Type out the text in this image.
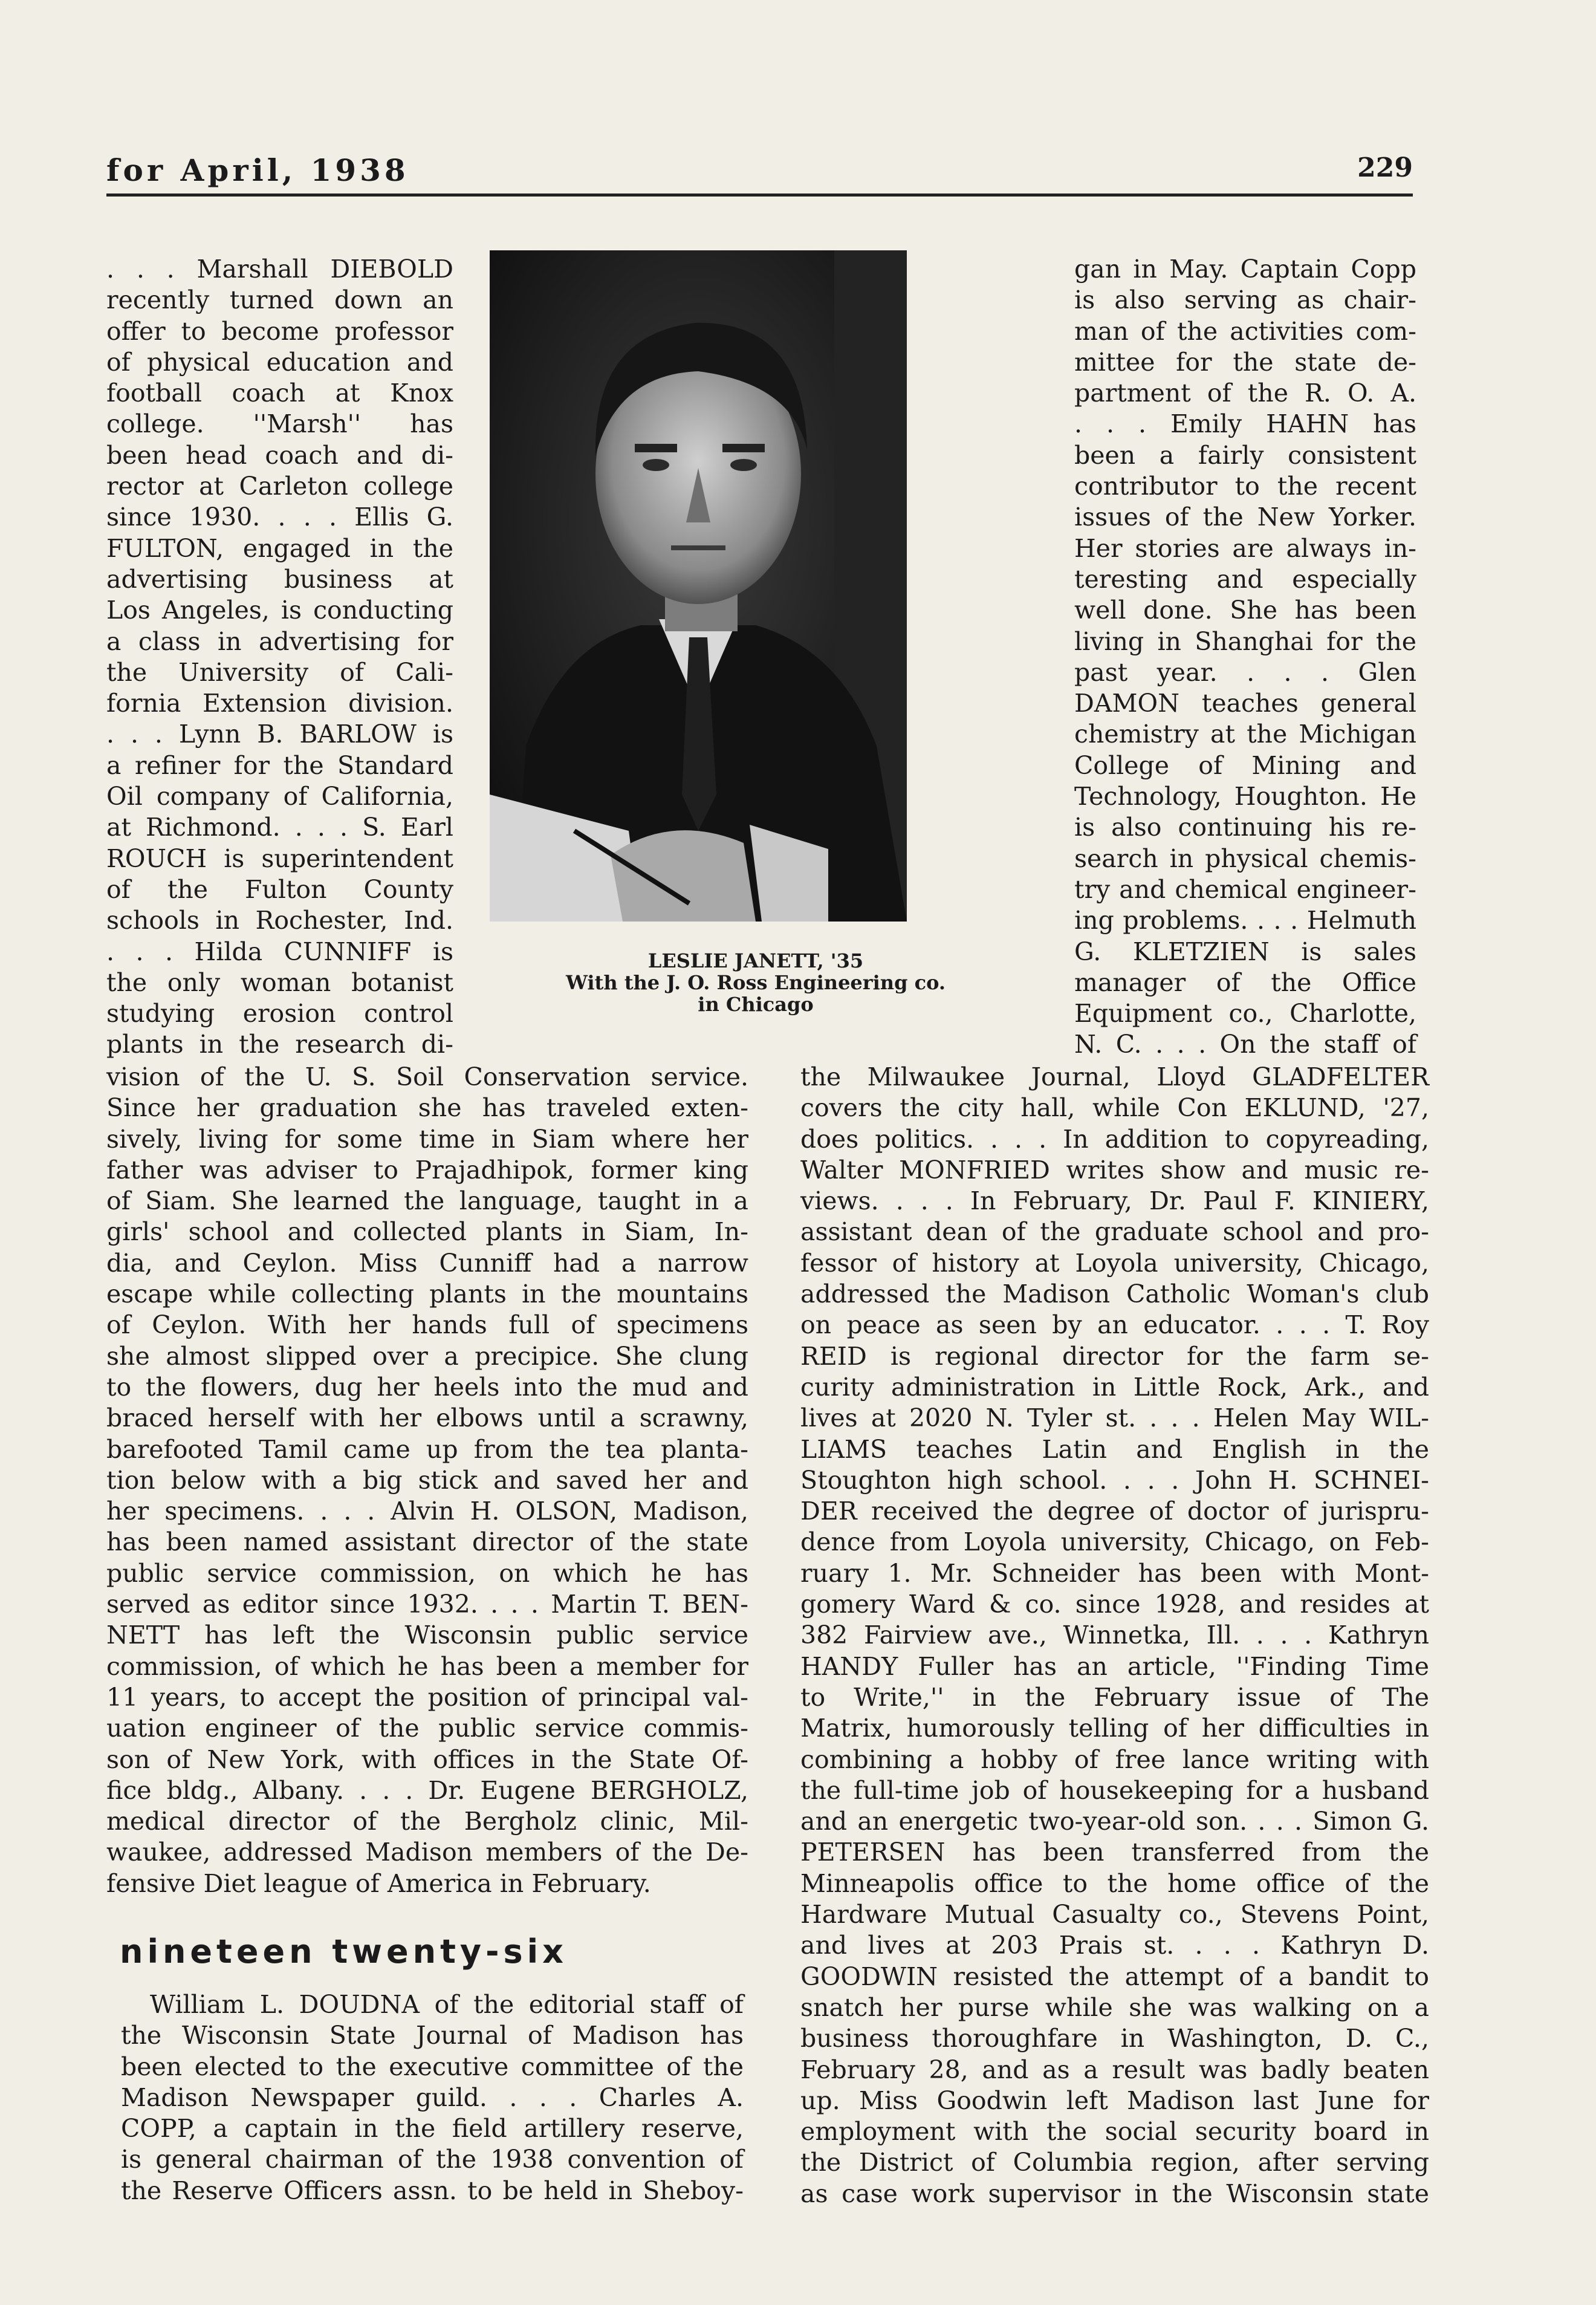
for April, 1938	229
LESLIE JANETT, '35
With the J. O. Ross Engineering co.
in Chicago

. . . Marshall DIEBOLD
recently turned down an
offer to become professor
of physical education and
football coach at Knox
college. ''Marsh'' has
been head coach and di-
rector at Carleton college
since 1930. . . . Ellis G.
FULTON, engaged in the
advertising business at
Los Angeles, is conducting
a class in advertising for
the University of Cali-
fornia Extension division.
. . . Lynn B. BARLOW is
a refiner for the Standard
Oil company of California,
at Richmond. . . . S. Earl
ROUCH is superintendent
of the Fulton County
schools in Rochester, Ind.
. . . Hilda CUNNIFF is
the only woman botanist
studying erosion control
plants in the research di-

vision of the U. S. Soil Conservation service.
Since her graduation she has traveled exten-
sively, living for some time in Siam where her
father was adviser to Prajadhipok, former king
of Siam. She learned the language, taught in a
girls' school and collected plants in Siam, In-
dia, and Ceylon. Miss Cunniff had a narrow
escape while collecting plants in the mountains
of Ceylon. With her hands full of specimens
she almost slipped over a precipice. She clung
to the flowers, dug her heels into the mud and
braced herself with her elbows until a scrawny,
barefooted Tamil came up from the tea planta-
tion below with a big stick and saved her and
her specimens. . . . Alvin H. OLSON, Madison,
has been named assistant director of the state
public service commission, on which he has
served as editor since 1932. . . . Martin T. BEN-
NETT has left the Wisconsin public service
commission, of which he has been a member for
11 years, to accept the position of principal val-
uation engineer of the public service commis-
son of New York, with offices in the State Of-
fice bldg., Albany. . . . Dr. Eugene BERGHOLZ,
medical director of the Bergholz clinic, Mil-
waukee, addressed Madison members of the De-
fensive Diet league of America in February.

nineteen twenty-six

William L. DOUDNA of the editorial staff of
the Wisconsin State Journal of Madison has
been elected to the executive committee of the
Madison Newspaper guild. . . . Charles A.
COPP, a captain in the field artillery reserve,
is general chairman of the 1938 convention of
the Reserve Officers assn. to be held in Sheboy-

gan in May. Captain Copp
is also serving as chair-
man of the activities com-
mittee for the state de-
partment of the R. O. A.
. . . Emily HAHN has
been a fairly consistent
contributor to the recent
issues of the New Yorker.
Her stories are always in-
teresting and especially
well done. She has been
living in Shanghai for the
past year. . . . Glen
DAMON teaches general
chemistry at the Michigan
College of Mining and
Technology, Houghton. He
is also continuing his re-
search in physical chemis-
try and chemical engineer-
ing problems. . . . Helmuth
G. KLETZIEN is sales
manager of the Office
Equipment co., Charlotte,
N. C. . . . On the staff of

the Milwaukee Journal, Lloyd GLADFELTER
covers the city hall, while Con EKLUND, '27,
does politics. . . . In addition to copyreading,
Walter MONFRIED writes show and music re-
views. . . . In February, Dr. Paul F. KINIERY,
assistant dean of the graduate school and pro-
fessor of history at Loyola university, Chicago,
addressed the Madison Catholic Woman's club
on peace as seen by an educator. . . . T. Roy
REID is regional director for the farm se-
curity administration in Little Rock, Ark., and
lives at 2020 N. Tyler st. . . . Helen May WIL-
LIAMS teaches Latin and English in the
Stoughton high school. . . . John H. SCHNEI-
DER received the degree of doctor of jurispru-
dence from Loyola university, Chicago, on Feb-
ruary 1. Mr. Schneider has been with Mont-
gomery Ward & co. since 1928, and resides at
382 Fairview ave., Winnetka, Ill. . . . Kathryn
HANDY Fuller has an article, ''Finding Time
to Write,'' in the February issue of The
Matrix, humorously telling of her difficulties in
combining a hobby of free lance writing with
the full-time job of housekeeping for a husband
and an energetic two-year-old son. . . . Simon G.
PETERSEN has been transferred from the
Minneapolis office to the home office of the
Hardware Mutual Casualty co., Stevens Point,
and lives at 203 Prais st. . . . Kathryn D.
GOODWIN resisted the attempt of a bandit to
snatch her purse while she was walking on a
business thoroughfare in Washington, D. C.,
February 28, and as a result was badly beaten
up. Miss Goodwin left Madison last June for
employment with the social security board in
the District of Columbia region, after serving
as case work supervisor in the Wisconsin state
